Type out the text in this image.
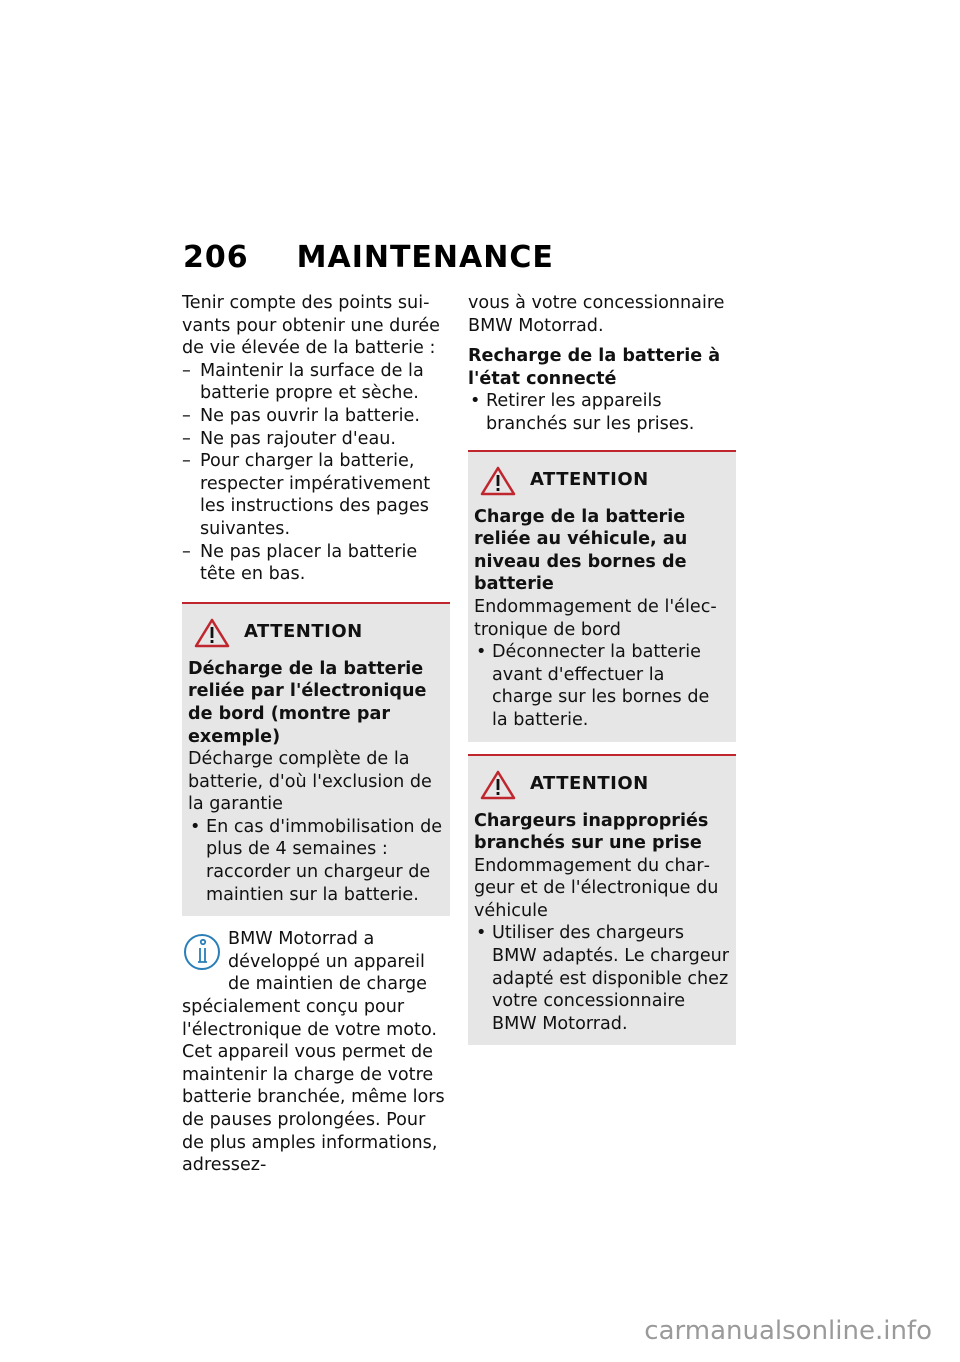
206 MAINTENANCE

Tenir compte des points suivants pour obtenir une durée de vie élevée de la batterie :

– Maintenir la surface de la batterie propre et sèche.
– Ne pas ouvrir la batterie.
– Ne pas rajouter d'eau.
– Pour charger la batterie, respecter impérativement les instructions des pages suivantes.
– Ne pas placer la batterie tête en bas.
ATTENTION

Décharge de la batterie reliée par l'électronique de bord (montre par exemple)

Décharge complète de la batterie, d'où l'exclusion de la garantie

• En cas d'immobilisation de plus de 4 semaines : raccorder un chargeur de maintien sur la batterie.
BMW Motorrad a développé un appareil de maintien de charge spécialement conçu pour l'électronique de votre moto. Cet appareil vous permet de maintenir la charge de votre batterie branchée, même lors de pauses prolongées. Pour de plus amples informations, adressez-

vous à votre concessionnaire BMW Motorrad.

Recharge de la batterie à l'état connecté

• Retirer les appareils branchés sur les prises.
ATTENTION

Charge de la batterie reliée au véhicule, au niveau des bornes de batterie

Endommagement de l'électronique de bord

• Déconnecter la batterie avant d'effectuer la charge sur les bornes de la batterie.
ATTENTION

Chargeurs inappropriés branchés sur une prise

Endommagement du chargeur et de l'électronique du véhicule

• Utiliser des chargeurs BMW adaptés. Le chargeur adapté est disponible chez votre concessionnaire BMW Motorrad.
carmanualsonline.info
